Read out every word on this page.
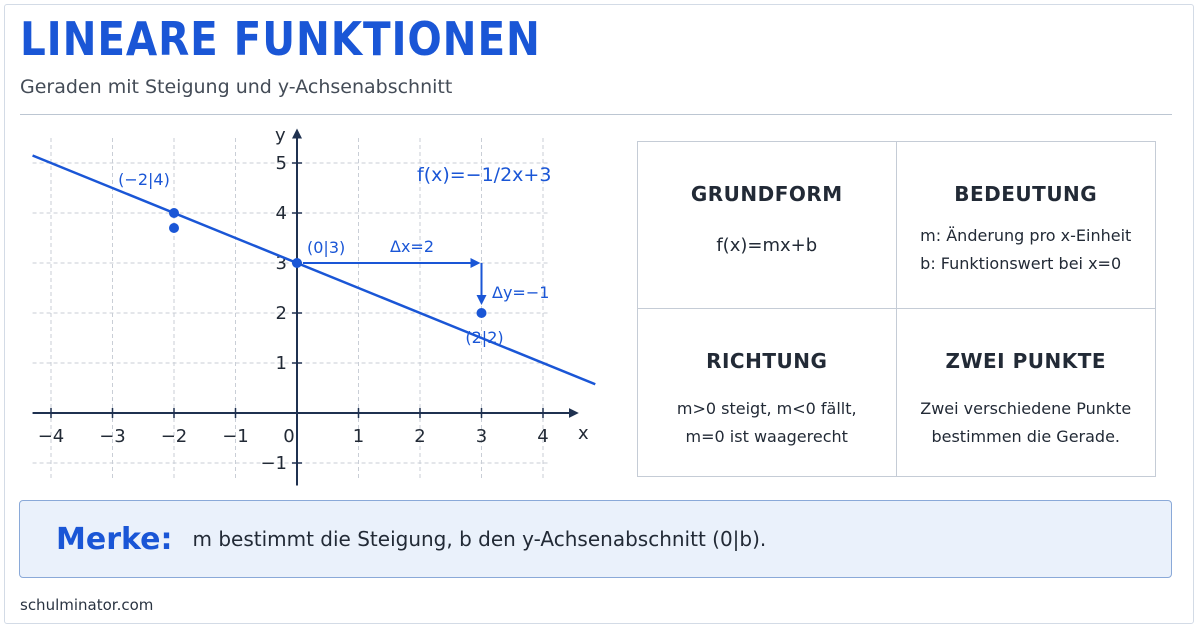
LINEARE FUNKTIONEN
Geraden mit Steigung und y-Achsenabschnitt
−4 −3 −2 −1 0	1	2	3	4
−1
1
2
3
4
5
(−2|4)
(0|3)
(2|2)
f(x)=−1/2x+3
x
y
Δx=2
Δy=−1
GRUNDFORM
f(x)=mx+b
BEDEUTUNG
m: Änderung pro x-Einheit
b: Funktionswert bei x=0
RICHTUNG
m>0 steigt, m<0 fällt,
m=0 ist waagerecht
ZWEI PUNKTE
Zwei verschiedene Punkte
bestimmen die Gerade.
Merke: m bestimmt die Steigung, b den y-Achsenabschnitt (0|b).
schulminator.com
